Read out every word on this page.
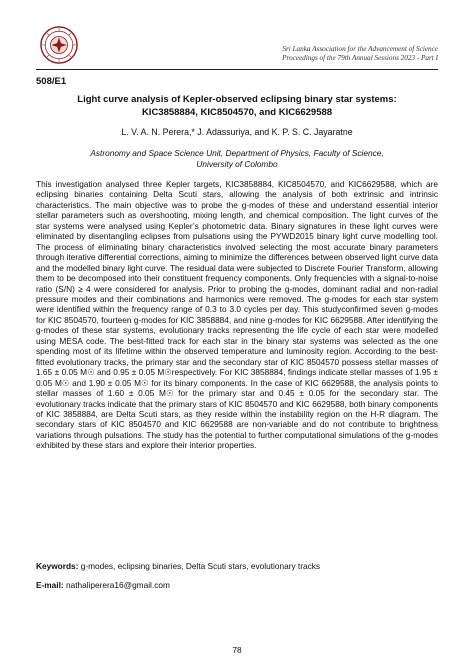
Sri Lanka Association for the Advancement of Science
Proceedings of the 79th Annual Sessions 2023 - Part I
508/E1
Light curve analysis of Kepler-observed eclipsing binary star systems:
KIC3858884, KIC8504570, and KIC6629588
L. V. A. N. Perera,* J. Adassuriya, and K. P. S. C. Jayaratne
Astronomy and Space Science Unit, Department of Physics, Faculty of Science,
University of Colombo

This investigation analysed three Kepler targets, KIC3858884, KIC8504570, and KIC6629588, which are eclipsing binaries containing Delta Scuti stars, allowing the analysis of both extrinsic and intrinsic characteristics. The main objective was to probe the g-modes of these and understand essential interior stellar parameters such as overshooting, mixing length, and chemical composition. The light curves of the star systems were analysed using Kepler’s photometric data. Binary signatures in these light curves were eliminated by disentangling eclipses from pulsations using the PYWD2015 binary light curve modelling tool. The process of eliminating binary characteristics involved selecting the most accurate binary parameters through iterative differential corrections, aiming to minimize the differences between observed light curve data and the modelled binary light curve. The residual data were subjected to Discrete Fourier Transform, allowing them to be decomposed into their constituent frequency components. Only frequencies with a signal-to-noise ratio (S/N) ≥ 4 were considered for analysis. Prior to probing the g-modes, dominant radial and non-radial pressure modes and their combinations and harmonics were removed. The g-modes for each star system were identified within the frequency range of 0.3 to 3.0 cycles per day. This studyconfirmed seven g-modes for KIC 8504570, fourteen g-modes for KIC 3858884, and nine g-modes for KIC 6629588. After identifying the g-modes of these star systems, evolutionary tracks representing the life cycle of each star were modelled using MESA code. The best-fitted track for each star in the binary star systems was selected as the one spending most of its lifetime within the observed temperature and luminosity region. According to the best-fitted evolutionary tracks, the primary star and the secondary star of KIC 8504570 possess stellar masses of 1.65 ± 0.05 M☉ and 0.95 ± 0.05 M☉respectively. For KIC 3858884, findings indicate stellar masses of 1.95 ± 0.05 M☉ and 1.90 ± 0.05 M☉ for its binary components. In the case of KIC 6629588, the analysis points to stellar masses of 1.60 ± 0.05 M☉ for the primary star and 0.45 ± 0.05 for the secondary star. The evolutionary tracks indicate that the primary stars of KIC 8504570 and KIC 6629588, both binary components of KIC 3858884, are Delta Scuti stars, as they reside within the instability region on the H-R diagram. The secondary stars of KIC 8504570 and KIC 6629588 are non-variable and do not contribute to brightness variations through pulsations. The study has the potential to further computational simulations of the g-modes exhibited by these stars and explore their interior properties.

Keywords: g-modes, eclipsing binaries, Delta Scuti stars, evolutionary tracks
E-mail: nathaliperera16@gmail.com
78
